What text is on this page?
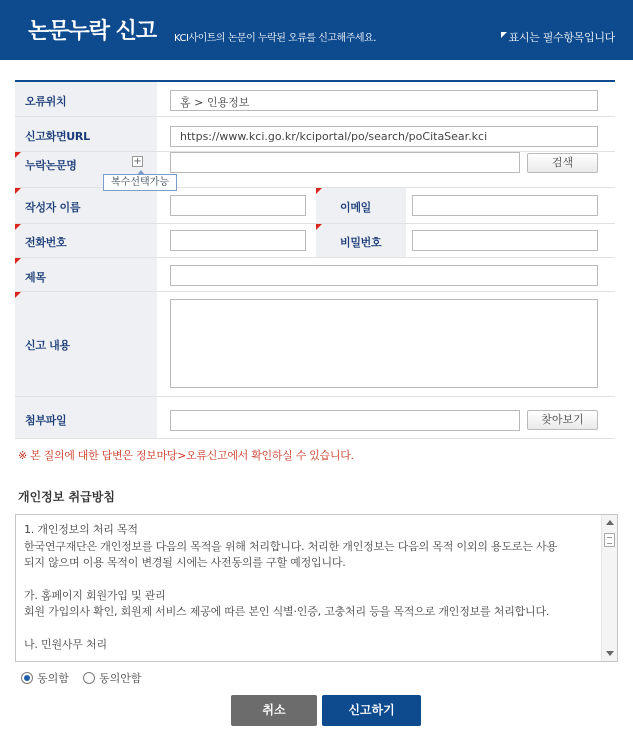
논문누락 신고 KCI사이트의 논문이 누락된 오류를 신고해주세요.	표시는 필수항목입니다
오류위치	홈 > 인용정보
신고화면URL	https://www.kci.go.kr/kciportal/po/search/poCitaSear.kci
누락논문명	+
복수선택가능
검색
작성자 이름	이메일
전화번호	비밀번호
제목
신고 내용
첨부파일	찾아보기
※ 본 질의에 대한 답변은 정보마당>오류신고에서 확인하실 수 있습니다.
개인정보 취급방침

1. 개인정보의 처리 목적

한국연구재단은 개인정보를 다음의 목적을 위해 처리합니다. 처리한 개인정보는 다음의 목적 이외의 용도로는 사용

되지 않으며 이용 목적이 변경될 시에는 사전동의를 구할 예정입니다.

가. 홈페이지 회원가입 및 관리

회원 가입의사 확인, 회원제 서비스 제공에 따른 본인 식별·인증, 고충처리 등을 목적으로 개인정보를 처리합니다.

나. 민원사무 처리

동의함	동의안함
취소	신고하기
